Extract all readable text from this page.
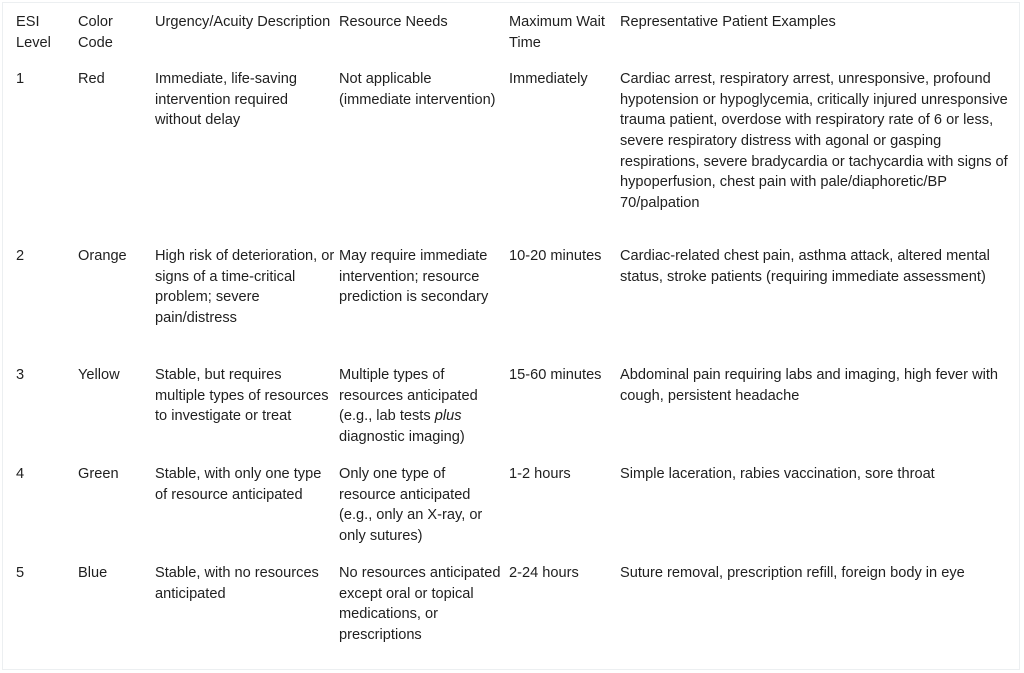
ESI Level	Color Code	Urgency/Acuity Description	Resource Needs	Maximum Wait Time	Representative Patient Examples

1	Red	Immediate, life-saving intervention required without delay	Not applicable (immediate intervention)	Immediately	Cardiac arrest, respiratory arrest, unresponsive, profound hypotension or hypoglycemia, critically injured unresponsive trauma patient, overdose with respiratory rate of 6 or less, severe respiratory distress with agonal or gasping respirations, severe bradycardia or tachycardia with signs of hypoperfusion, chest pain with pale/diaphoretic/BP 70/palpation

2	Orange	High risk of deterioration, or signs of a time-critical problem; severe pain/distress	May require immediate intervention; resource prediction is secondary	10-20 minutes	Cardiac-related chest pain, asthma attack, altered mental status, stroke patients (requiring immediate assessment)

3	Yellow	Stable, but requires multiple types of resources to investigate or treat	Multiple types of resources anticipated (e.g., lab tests plus diagnostic imaging)	15-60 minutes	Abdominal pain requiring labs and imaging, high fever with cough, persistent headache

4	Green	Stable, with only one type of resource anticipated	Only one type of resource anticipated (e.g., only an X-ray, or only sutures)	1-2 hours	Simple laceration, rabies vaccination, sore throat

5	Blue	Stable, with no resources anticipated	No resources anticipated except oral or topical medications, or prescriptions	2-24 hours	Suture removal, prescription refill, foreign body in eye
